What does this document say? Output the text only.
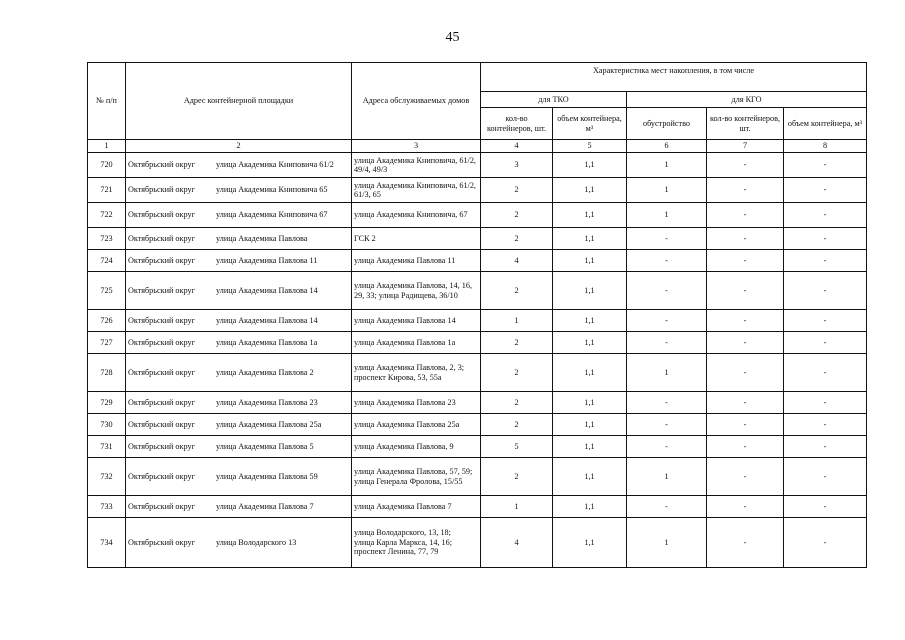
45
№ п/п	Адрес контейнерной площадки	Адреса обслуживаемых домов	Характеристика мест накопления, в том числе				
			для ТКО		для КГО		
			кол-во контейнеров, шт.	объем контейнера, м³	обустройство	кол-во контейнеров, шт.	объем контейнера, м³
1	2	3	4	5	6	7	8
720	Октябрьский округ улица Академика Книповича 61/2	улица Академика Книповича, 61/2, 49/4, 49/3	3	1,1	1	-	-
721	Октябрьский округ улица Академика Книповича 65	улица Академика Книповича, 61/2, 61/3, 65	2	1,1	1	-	-
722	Октябрьский округ улица Академика Книповича 67	улица Академика Книповича, 67	2	1,1	1	-	-
723	Октябрьский округ улица Академика Павлова	ГСК 2	2	1,1	-	-	-
724	Октябрьский округ улица Академика Павлова 11	улица Академика Павлова 11	4	1,1	-	-	-
725	Октябрьский округ улица Академика Павлова 14	улица Академика Павлова, 14, 16, 29, 33; улица Радищева, 36/10	2	1,1	-	-	-
726	Октябрьский округ улица Академика Павлова 14	улица Академика Павлова 14	1	1,1	-	-	-
727	Октябрьский округ улица Академика Павлова 1а	улица Академика Павлова 1а	2	1,1	-	-	-
728	Октябрьский округ улица Академика Павлова 2	улица Академика Павлова, 2, 3; проспект Кирова, 53, 55а	2	1,1	1	-	-
729	Октябрьский округ улица Академика Павлова 23	улица Академика Павлова 23	2	1,1	-	-	-
730	Октябрьский округ улица Академика Павлова 25а	улица Академика Павлова 25а	2	1,1	-	-	-
731	Октябрьский округ улица Академика Павлова 5	улица Академика Павлова, 9	5	1,1	-	-	-
732	Октябрьский округ улица Академика Павлова 59	улица Академика Павлова, 57, 59; улица Генерала Фролова, 15/55	2	1,1	1	-	-
733	Октябрьский округ улица Академика Павлова 7	улица Академика Павлова 7	1	1,1	-	-	-
734	Октябрьский округ улица Володарского 13	улица Володарского, 13, 18;
улица Карла Маркса, 14, 16;
проспект Ленина, 77, 79	4	1,1	1	-	-
